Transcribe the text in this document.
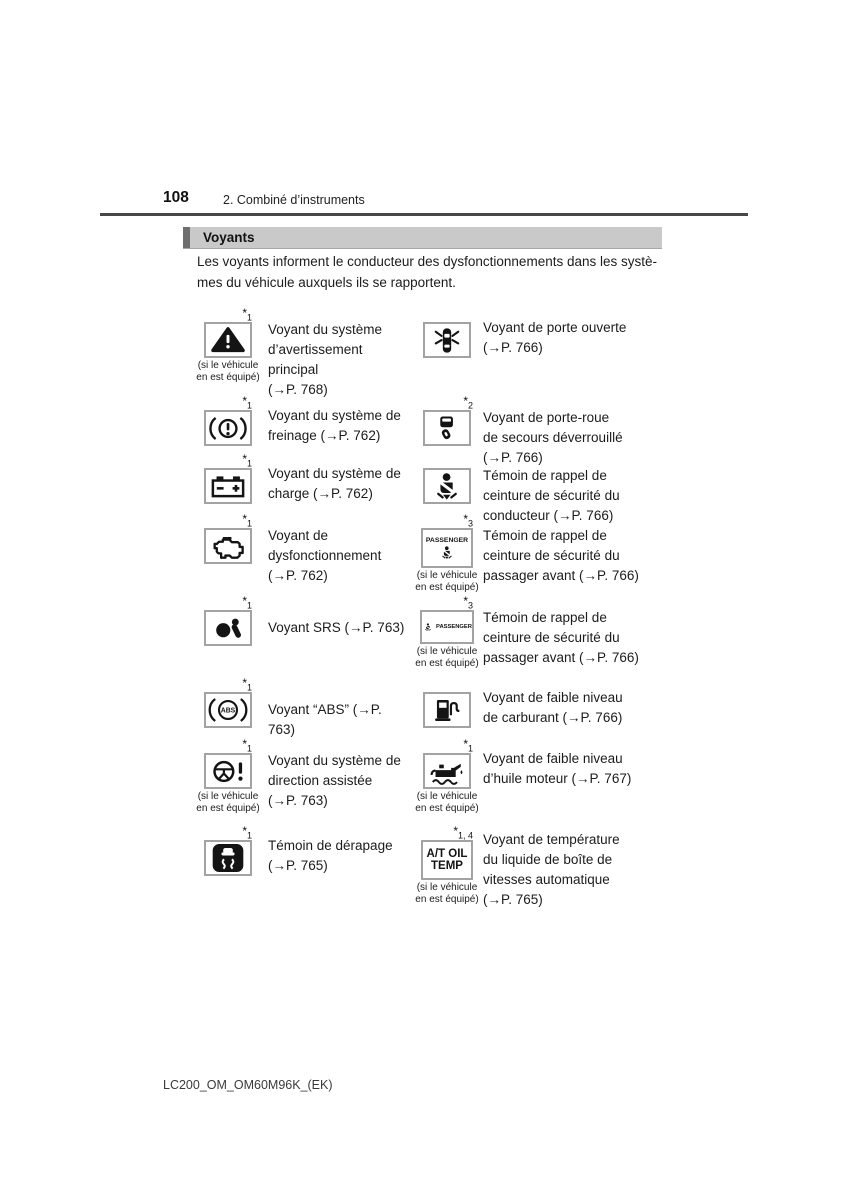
108	2. Combiné d’instruments
Voyants
Les voyants informent le conducteur des dysfonctionnements dans les systè-
mes du véhicule auxquels ils se rapportent.
$*_1$
(si le véhicule
en est équipé)
Voyant du système
d’avertissement principal
(→P. 768)
Voyant de porte ouverte
(→P. 766)
$*_1$
Voyant du système de
freinage (→P. 762)
$*_2$
Voyant de porte-roue
de secours déverrouillé
(→P. 766)
$*_1$
Voyant du système de
charge (→P. 762)
Témoin de rappel de
ceinture de sécurité du
conducteur (→P. 766)
$*_1$
Voyant de
dysfonctionnement
(→P. 762)
$*_3$
PASSENGER
(si le véhicule
en est équipé)
Témoin de rappel de
ceinture de sécurité du
passager avant (→P. 766)
$*_1$
Voyant SRS (→P. 763)
$*_3$
PASSENGER
(si le véhicule
en est équipé)
Témoin de rappel de
ceinture de sécurité du
passager avant (→P. 766)
$*_1$
ABS	Voyant “ABS” (→P. 763)
Voyant de faible niveau
de carburant (→P. 766)
$*_1$
(si le véhicule
en est équipé)
Voyant du système de
direction assistée
(→P. 763)
$*_1$
(si le véhicule
en est équipé)
Voyant de faible niveau
d’huile moteur (→P. 767)
$*_1$
Témoin de dérapage
(→P. 765)
$*_{1, 4}$
A/T OIL
TEMP
(si le véhicule
en est équipé)
Voyant de température
du liquide de boîte de
vitesses automatique
(→P. 765)
LC200_OM_OM60M96K_(EK)
